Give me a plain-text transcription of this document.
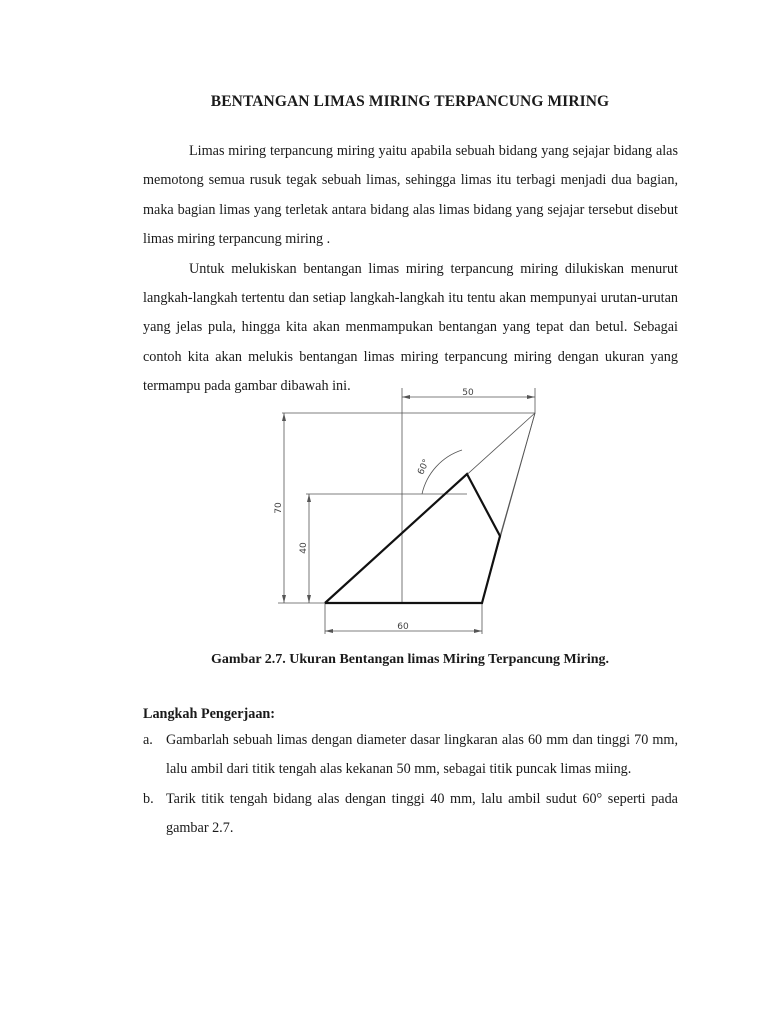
BENTANGAN LIMAS MIRING TERPANCUNG MIRING

Limas miring terpancung miring yaitu apabila sebuah bidang yang sejajar bidang alas memotong semua rusuk tegak sebuah limas, sehingga limas itu terbagi menjadi dua bagian, maka bagian limas yang terletak antara bidang alas limas bidang yang sejajar tersebut disebut limas miring terpancung miring .

Untuk melukiskan bentangan limas miring terpancung miring dilukiskan menurut langkah-langkah tertentu dan setiap langkah-langkah itu tentu akan mempunyai urutan-urutan yang jelas pula, hingga kita akan menmampukan bentangan yang tepat dan betul. Sebagai contoh kita akan melukis bentangan limas miring terpancung miring dengan ukuran yang termampu pada gambar dibawah ini.	50
70
40
60
60°

Gambar 2.7. Ukuran Bentangan limas Miring Terpancung Miring.

Langkah Pengerjaan:

a. Gambarlah sebuah limas dengan diameter dasar lingkaran alas 60 mm dan tinggi 70 mm, lalu ambil dari titik tengah alas kekanan 50 mm, sebagai titik puncak limas miing.
b. Tarik titik tengah bidang alas dengan tinggi 40 mm, lalu ambil sudut 60° seperti pada gambar 2.7.
